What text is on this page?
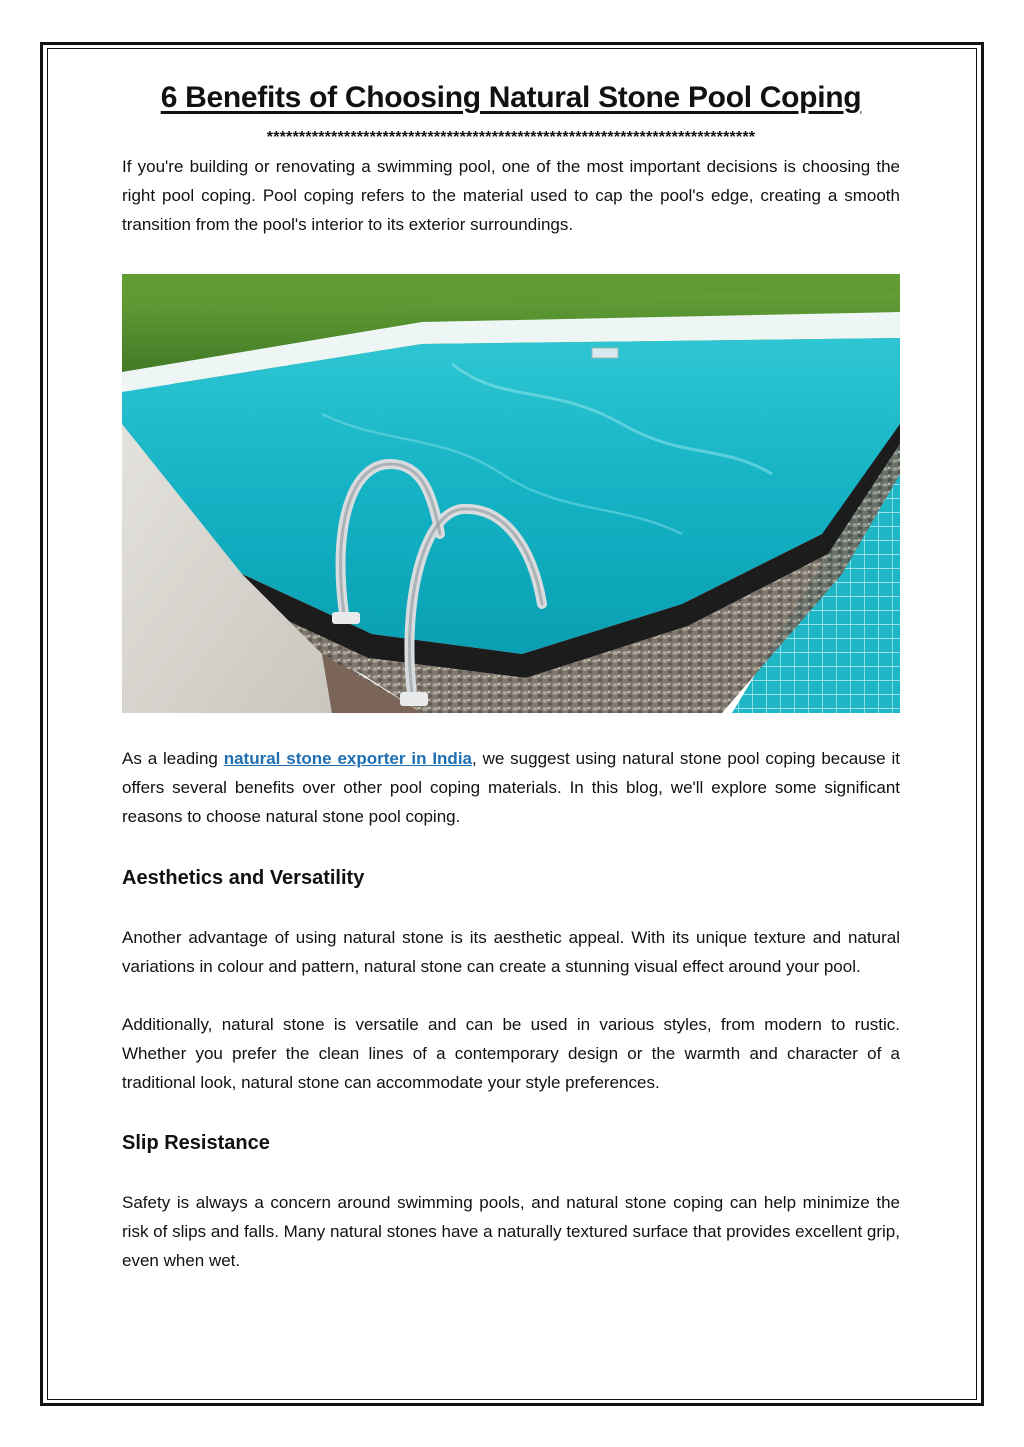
6 Benefits of Choosing Natural Stone Pool Coping
****************************************************************************

If you're building or renovating a swimming pool, one of the most important decisions is choosing the right pool coping. Pool coping refers to the material used to cap the pool's edge, creating a smooth transition from the pool's interior to its exterior surroundings.

As a leading natural stone exporter in India, we suggest using natural stone pool coping because it offers several benefits over other pool coping materials. In this blog, we'll explore some significant reasons to choose natural stone pool coping.

Aesthetics and Versatility

Another advantage of using natural stone is its aesthetic appeal. With its unique texture and natural variations in colour and pattern, natural stone can create a stunning visual effect around your pool.

Additionally, natural stone is versatile and can be used in various styles, from modern to rustic. Whether you prefer the clean lines of a contemporary design or the warmth and character of a traditional look, natural stone can accommodate your style preferences.

Slip Resistance

Safety is always a concern around swimming pools, and natural stone coping can help minimize the risk of slips and falls. Many natural stones have a naturally textured surface that provides excellent grip, even when wet.
